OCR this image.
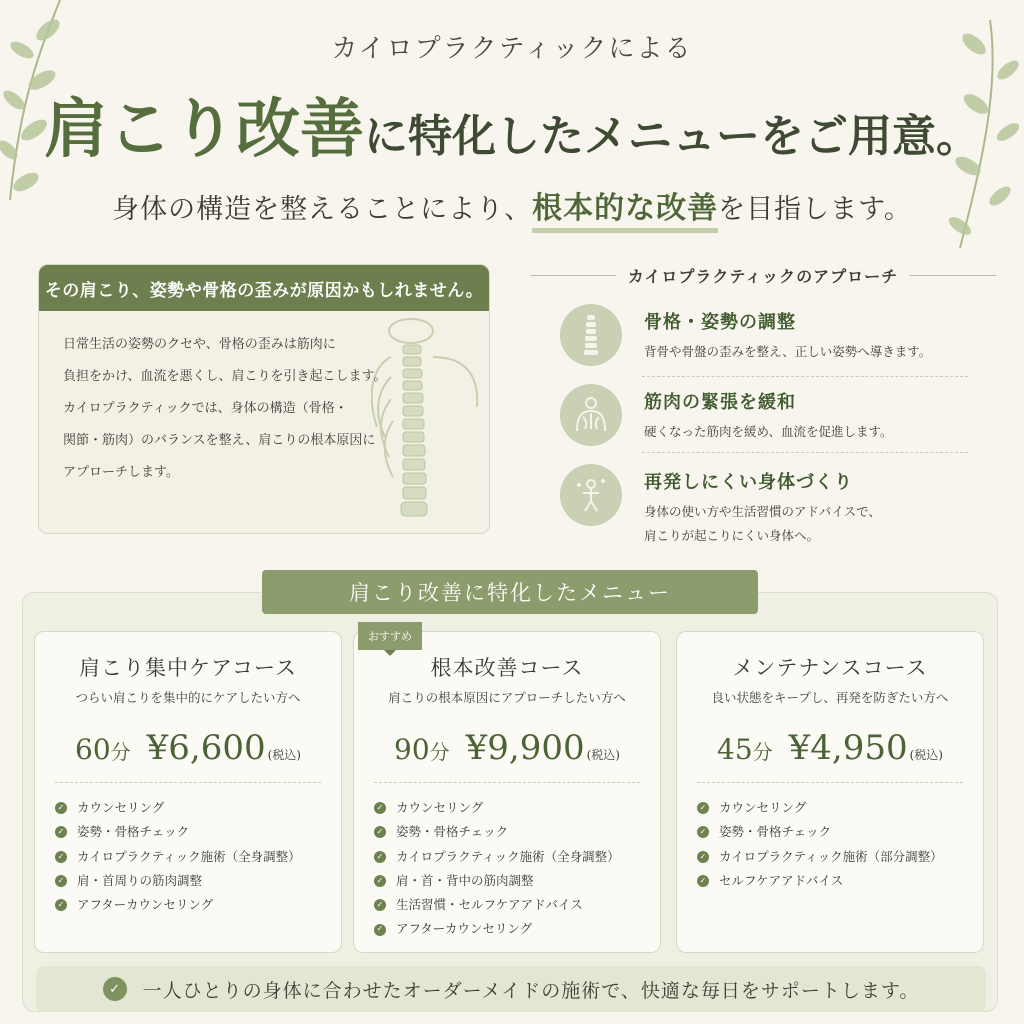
カイロプラクティックによる
肩こり改善に特化したメニューをご用意。
身体の構造を整えることにより、根本的な改善を目指します。
その肩こり、姿勢や骨格の歪みが原因かもしれません。
日常生活の姿勢のクセや、骨格の歪みは筋肉に
負担をかけ、血流を悪くし、肩こりを引き起こします。
カイロプラクティックでは、身体の構造（骨格・
関節・筋肉）のバランスを整え、肩こりの根本原因に
アプローチします。
カイロプラクティックのアプローチ
骨格・姿勢の調整
背骨や骨盤の歪みを整え、正しい姿勢へ導きます。
筋肉の緊張を緩和
硬くなった筋肉を緩め、血流を促進します。
再発しにくい身体づくり
身体の使い方や生活習慣のアドバイスで、
肩こりが起こりにくい身体へ。
肩こり改善に特化したメニュー
おすすめ
肩こり集中ケアコース
つらい肩こりを集中的にケアしたい方へ
60分 ¥6,600 (税込)
✓ カウンセリング
✓ 姿勢・骨格チェック
✓ カイロプラクティック施術（全身調整）
✓ 肩・首周りの筋肉調整
✓ アフターカウンセリング
根本改善コース
肩こりの根本原因にアプローチしたい方へ
90分 ¥9,900 (税込)
✓ カウンセリング
✓ 姿勢・骨格チェック
✓ カイロプラクティック施術（全身調整）
✓ 肩・首・背中の筋肉調整
✓ 生活習慣・セルフケアアドバイス
✓ アフターカウンセリング
メンテナンスコース
良い状態をキープし、再発を防ぎたい方へ
45分 ¥4,950 (税込)
✓ カウンセリング
✓ 姿勢・骨格チェック
✓ カイロプラクティック施術（部分調整）
✓ セルフケアアドバイス
✓	一人ひとりの身体に合わせたオーダーメイドの施術で、快適な毎日をサポートします。
